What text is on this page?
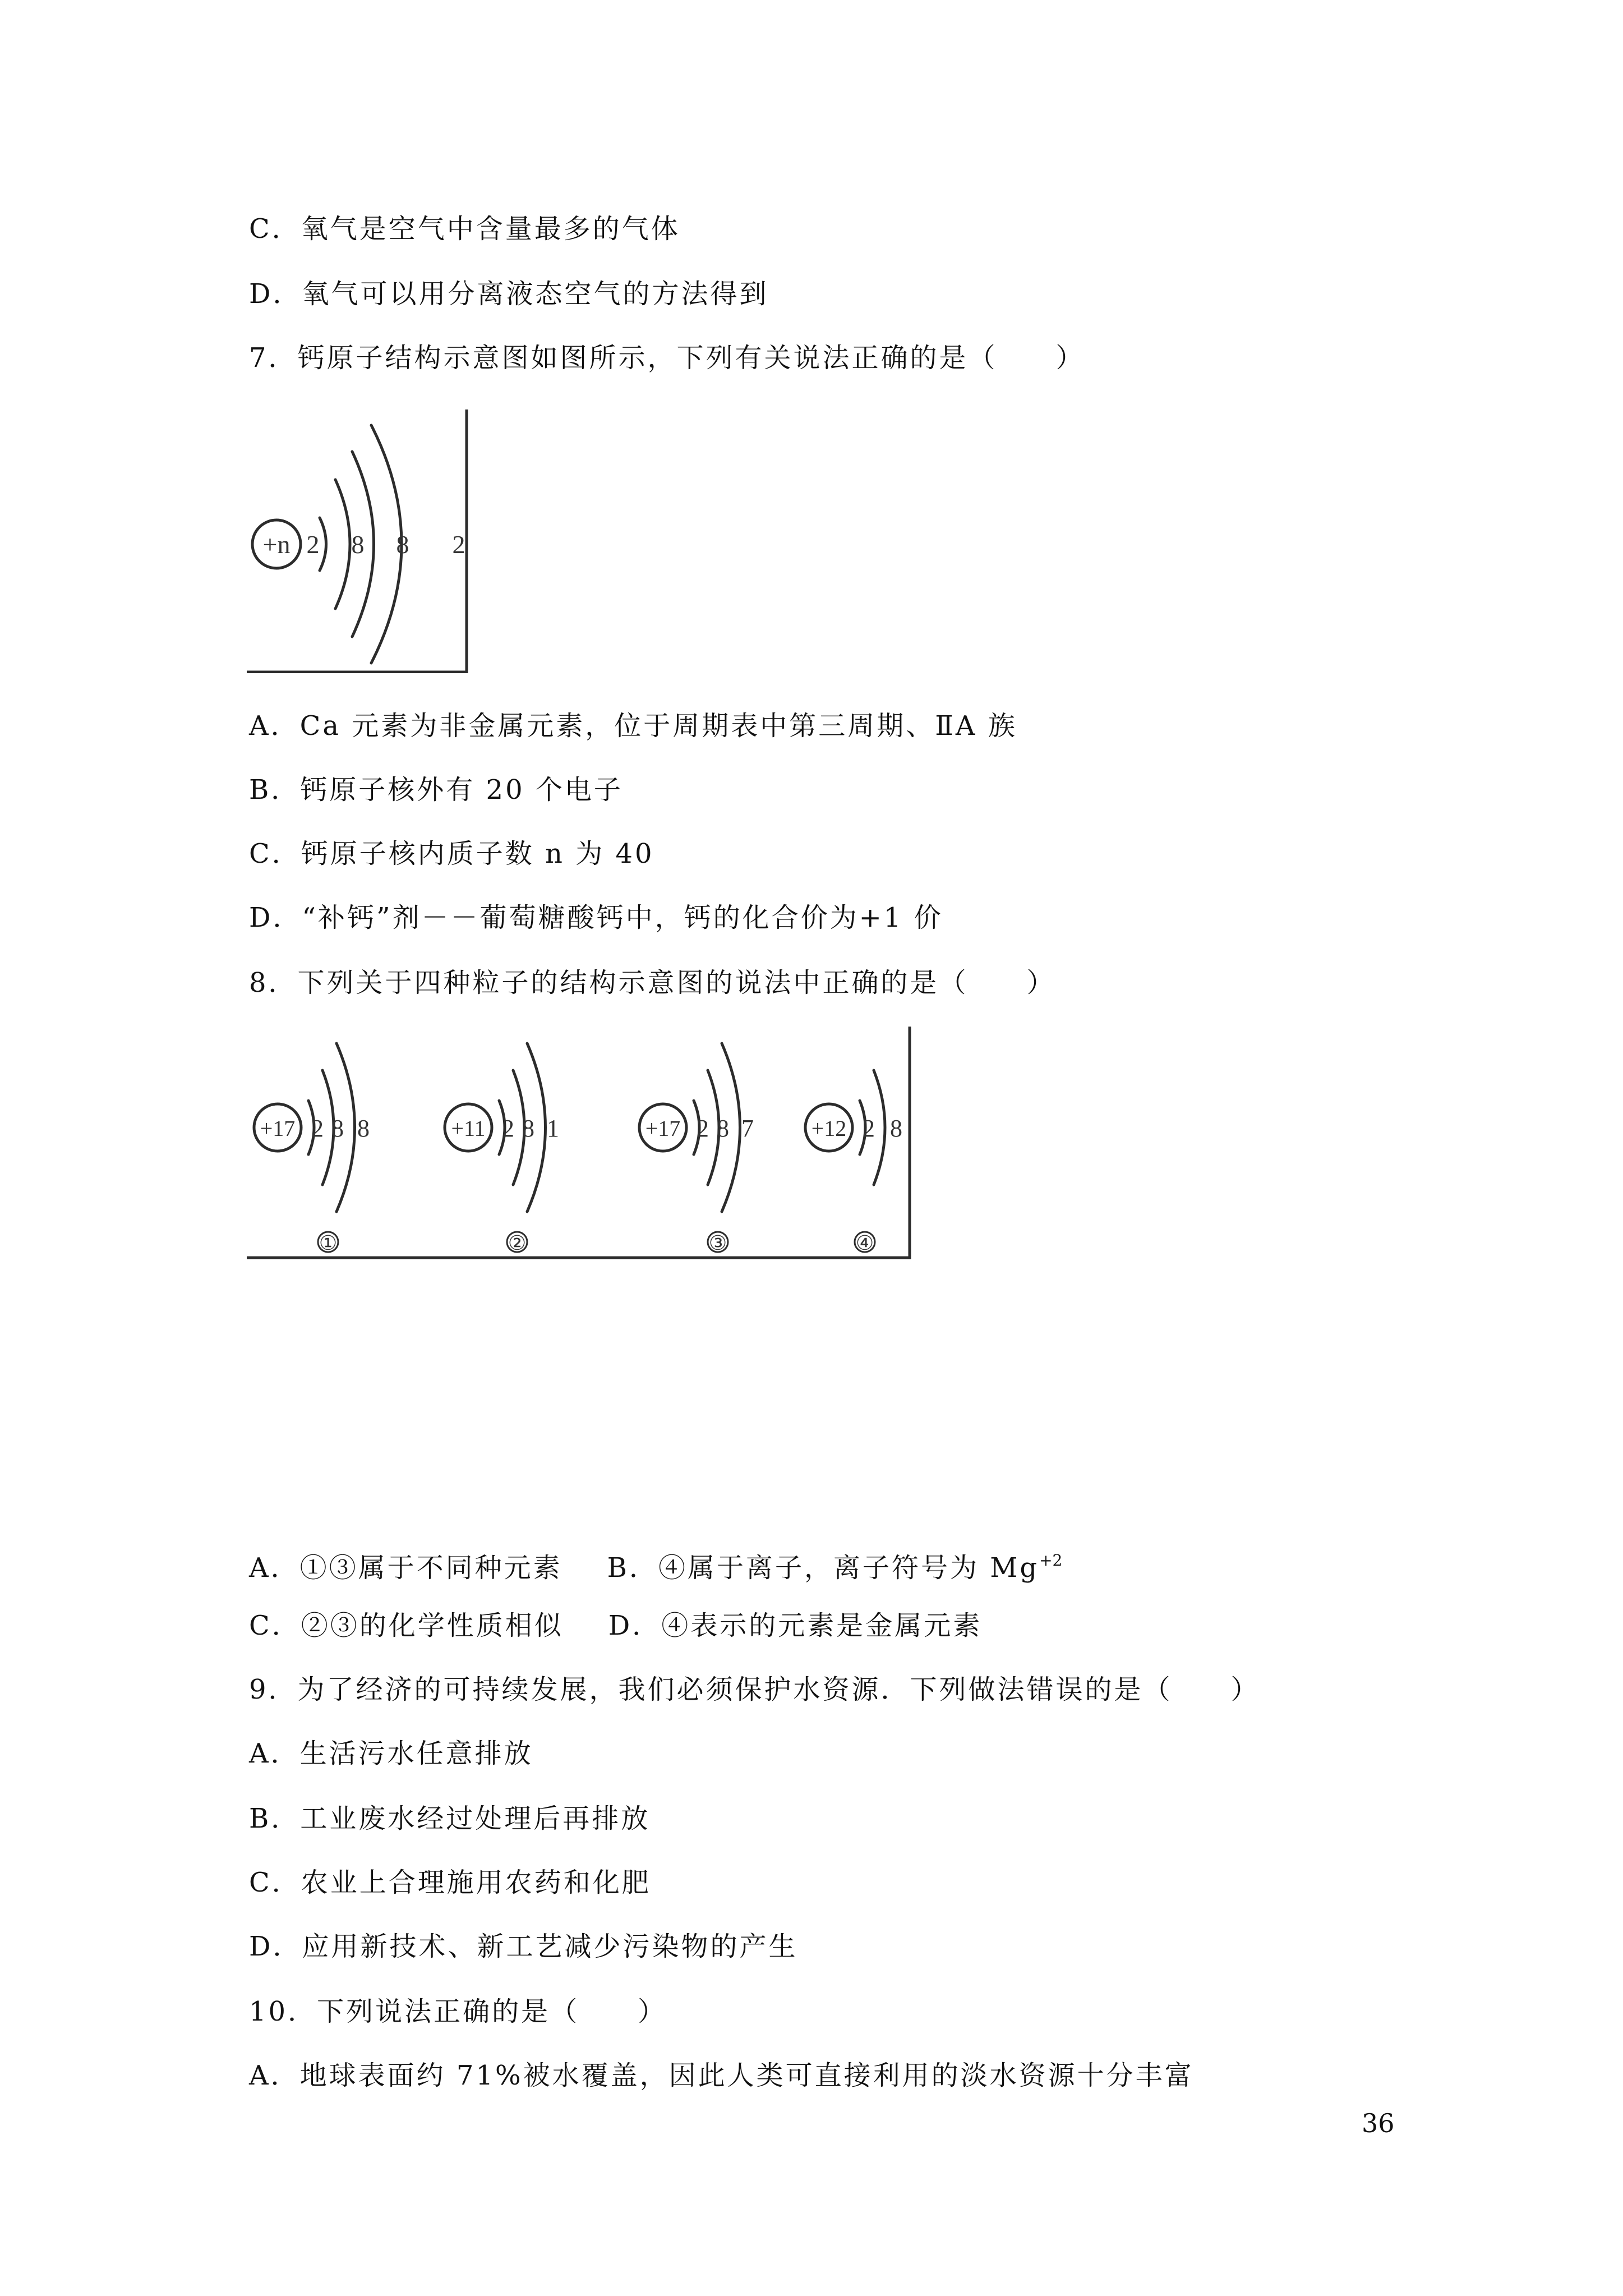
C．氧气是空气中含量最多的气体
D．氧气可以用分离液态空气的方法得到
7．钙原子结构示意图如图所示，下列有关说法正确的是（　　）
+n 2 8 8 2
A．Ca 元素为非金属元素，位于周期表中第三周期、ⅡA 族
B．钙原子核外有 20 个电子
C．钙原子核内质子数 n 为 40
D．“补钙”剂－－葡萄糖酸钙中，钙的化合价为+1 价
8．下列关于四种粒子的结构示意图的说法中正确的是（　　）
+17 2 8 8
①
+11 2 8 1
②
+17 2 8 7
③
+12 2 8
④
A．①③属于不同种元素 B．④属于离子，离子符号为 $Mg^{+2}$
C．②③的化学性质相似 D．④表示的元素是金属元素
9．为了经济的可持续发展，我们必须保护水资源．下列做法错误的是（　　）
A．生活污水任意排放
B．工业废水经过处理后再排放
C．农业上合理施用农药和化肥
D．应用新技术、新工艺减少污染物的产生
10．下列说法正确的是（　　）
A．地球表面约 71%被水覆盖，因此人类可直接利用的淡水资源十分丰富
36
